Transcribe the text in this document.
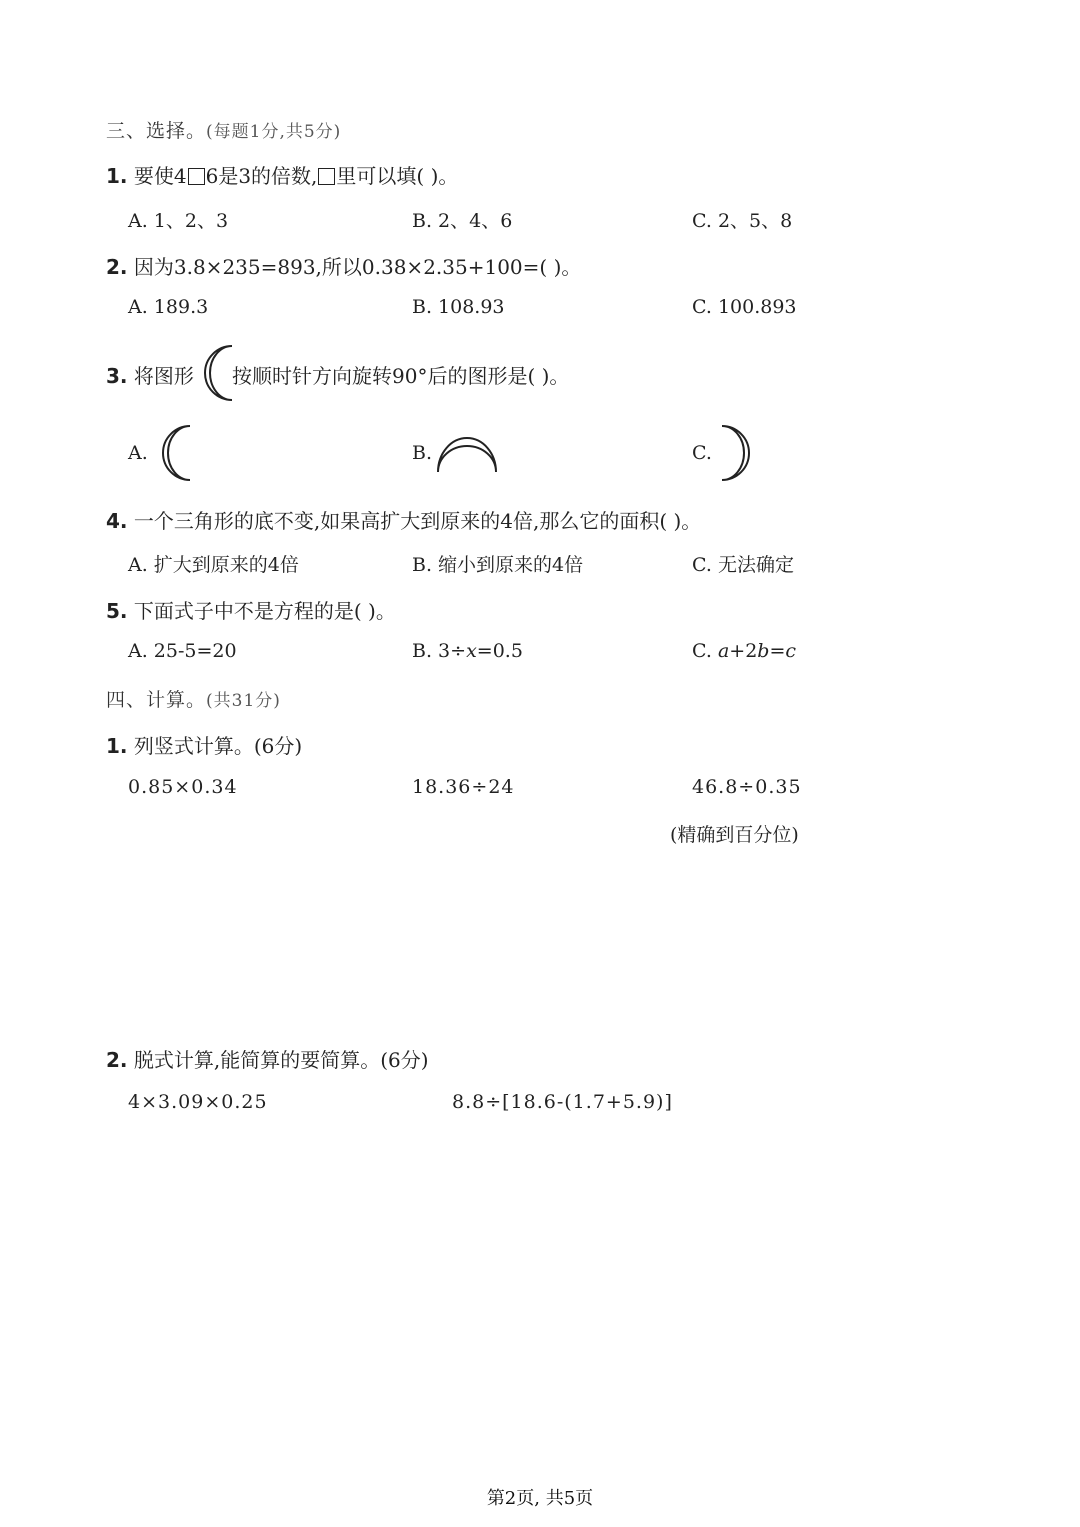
三、选择。(每题1分,共5分)
1. 要使4 6是3的倍数, 里可以填( )。
A. 1、2、3	B. 2、4、6	C. 2、5、8
2. 因为3.8×235=893,所以0.38×2.35+100=( )。
A. 189.3	B. 108.93	C. 100.893
3. 将图形 按顺时针方向旋转90°后的图形是( )。
A.	B.	C.
4. 一个三角形的底不变,如果高扩大到原来的4倍,那么它的面积( )。
A. 扩大到原来的4倍	B. 缩小到原来的4倍	C. 无法确定
5. 下面式子中不是方程的是( )。
A. 25-5=20	B. 3÷x=0.5	C. a+2b=c
四、计算。(共31分)
1. 列竖式计算。(6分)
0.85×0.34	18.36÷24	46.8÷0.35
(精确到百分位)
2. 脱式计算,能简算的要简算。(6分)
4×3.09×0.25	8.8÷[18.6-(1.7+5.9)]
第2页, 共5页
